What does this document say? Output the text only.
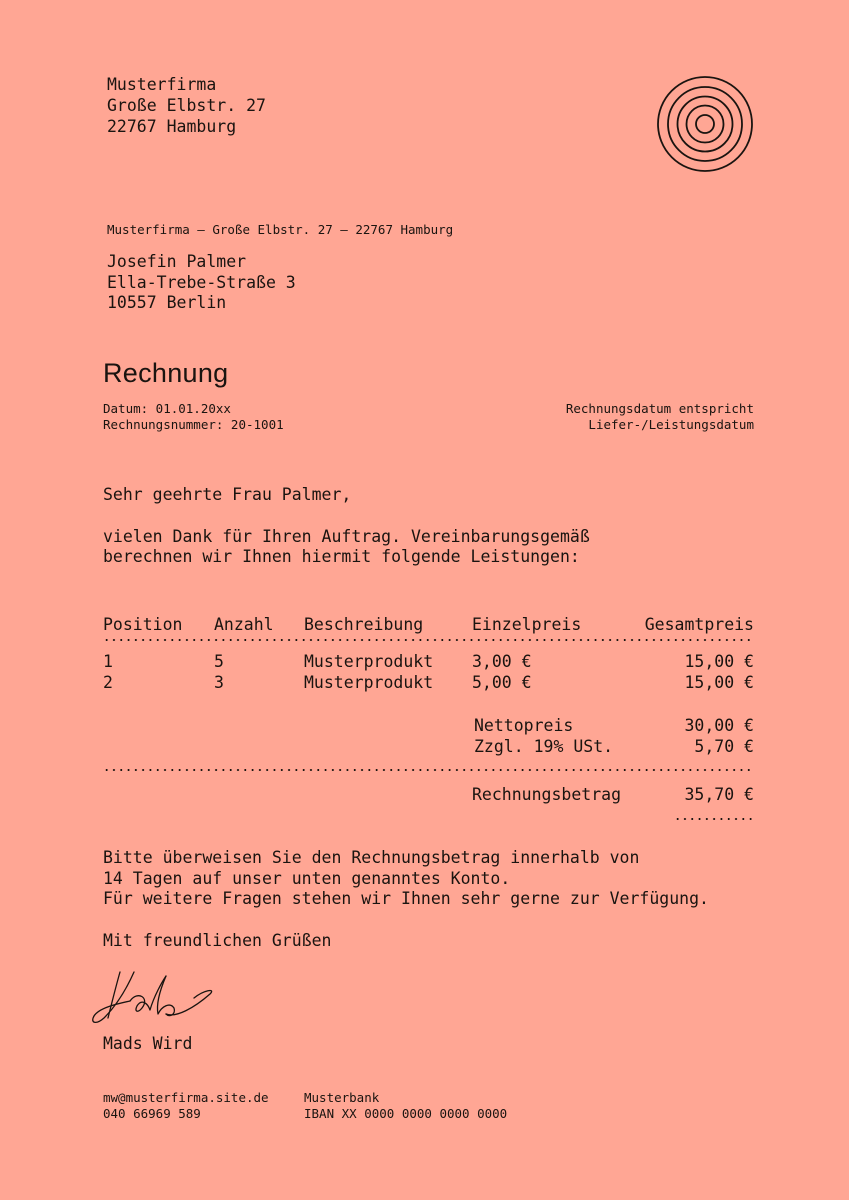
Musterfirma
Große Elbstr. 27
22767 Hamburg
Musterfirma – Große Elbstr. 27 – 22767 Hamburg
Josefin Palmer
Ella-Trebe-Straße 3
10557 Berlin
Rechnung
Datum: 01.01.20xx
Rechnungsnummer: 20-1001
Rechnungsdatum entspricht
Liefer-/Leistungsdatum
Sehr geehrte Frau Palmer,
vielen Dank für Ihren Auftrag. Vereinbarungsgemäß
berechnen wir Ihnen hiermit folgende Leistungen:
Position Anzahl Beschreibung	Einzelpreis	Gesamtpreis
1	5	Musterprodukt 3,00 €	15,00 €
2	3	Musterprodukt 5,00 €	15,00 €
Nettopreis	30,00 €
Zzgl. 19% USt.	5,70 €
Rechnungsbetrag	35,70 €
Bitte überweisen Sie den Rechnungsbetrag innerhalb von
14 Tagen auf unser unten genanntes Konto.
Für weitere Fragen stehen wir Ihnen sehr gerne zur Verfügung.
Mit freundlichen Grüßen
Mads Wird
mw@musterfirma.site.de
040 66969 589
Musterbank
IBAN XX 0000 0000 0000 0000
